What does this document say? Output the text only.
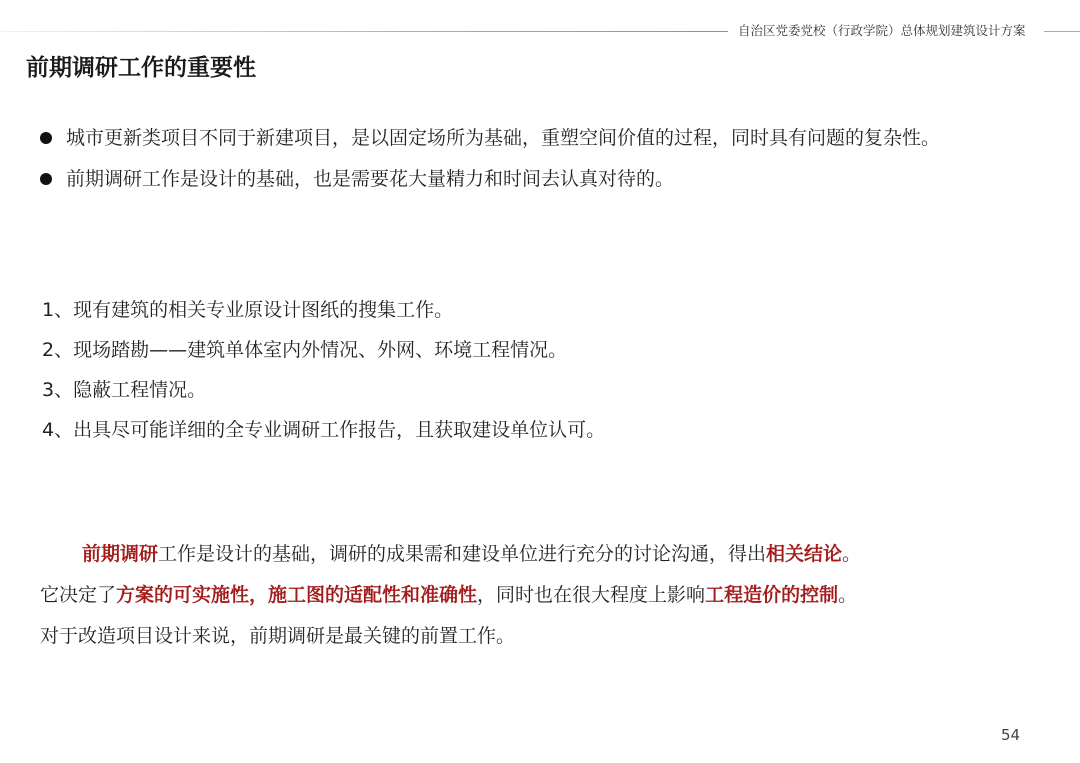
自治区党委党校（行政学院）总体规划建筑设计方案
前期调研工作的重要性
城市更新类项目不同于新建项目，是以固定场所为基础，重塑空间价值的过程，同时具有问题的复杂性。
前期调研工作是设计的基础，也是需要花大量精力和时间去认真对待的。
1、现有建筑的相关专业原设计图纸的搜集工作。
2、现场踏勘——建筑单体室内外情况、外网、环境工程情况。
3、隐蔽工程情况。
4、出具尽可能详细的全专业调研工作报告，且获取建设单位认可。

前期调研工作是设计的基础，调研的成果需和建设单位进行充分的讨论沟通，得出相关结论。

它决定了方案的可实施性，施工图的适配性和准确性，同时也在很大程度上影响工程造价的控制。

对于改造项目设计来说，前期调研是最关键的前置工作。

54
